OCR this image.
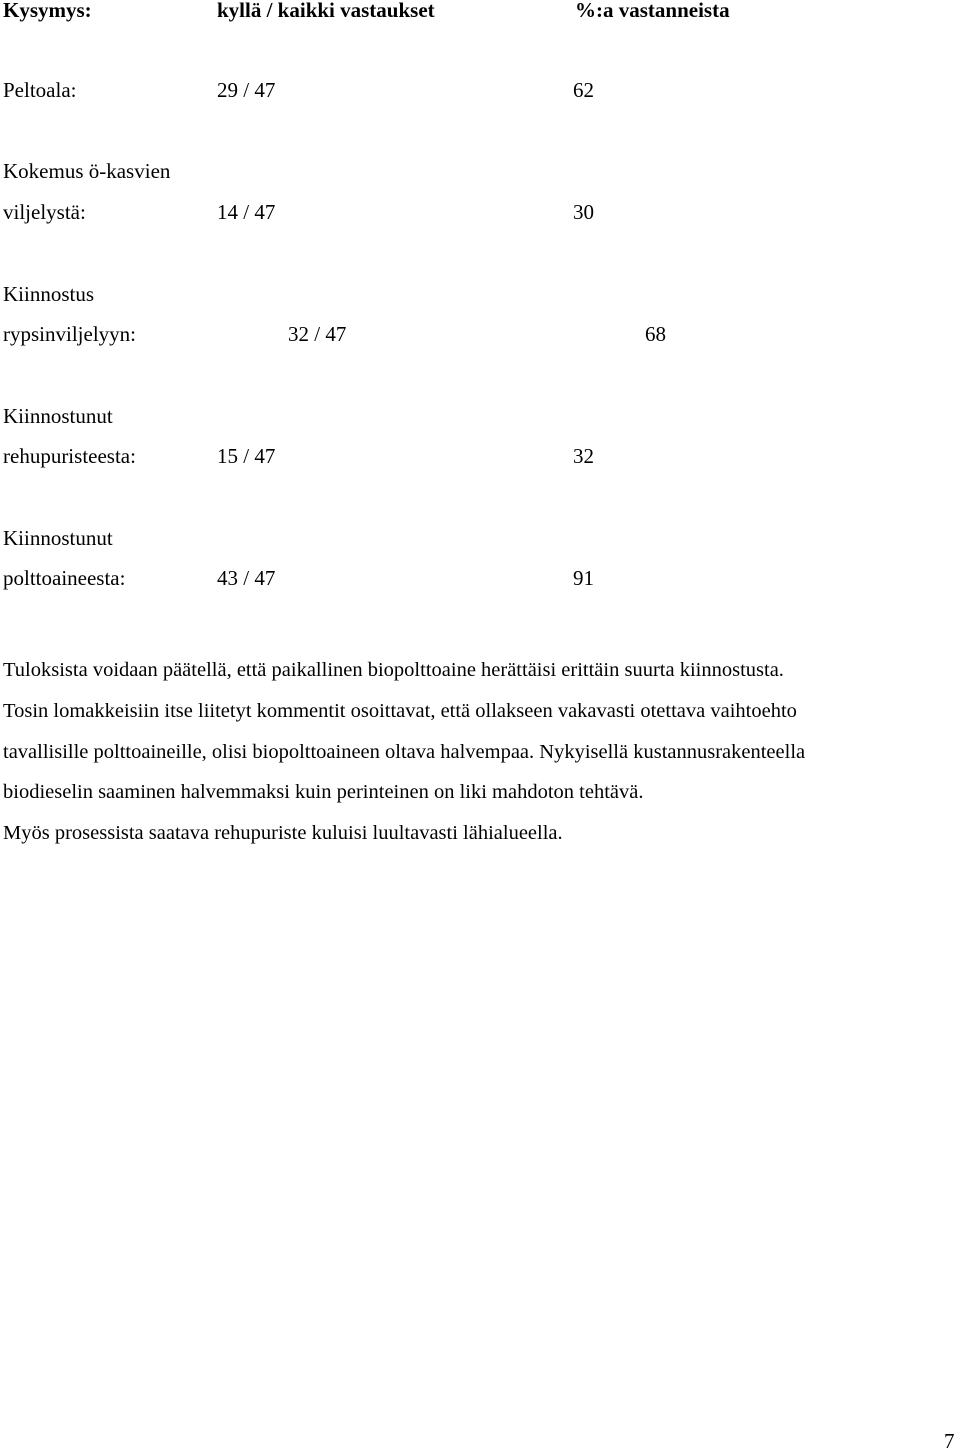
Kysymys:	kyllä / kaikki vastaukset	%:a vastanneista
Peltoala:	29 / 47	62
Kokemus ö-kasvien
viljelystä:	14 / 47	30
Kiinnostus
rypsinviljelyyn:	32 / 47	68
Kiinnostunut
rehupuristeesta:	15 / 47	32
Kiinnostunut
polttoaineesta:	43 / 47	91
Tuloksista voidaan päätellä, että paikallinen biopolttoaine herättäisi erittäin suurta kiinnostusta.
Tosin lomakkeisiin itse liitetyt kommentit osoittavat, että ollakseen vakavasti otettava vaihtoehto
tavallisille polttoaineille, olisi biopolttoaineen oltava halvempaa. Nykyisellä kustannusrakenteella
biodieselin saaminen halvemmaksi kuin perinteinen on liki mahdoton tehtävä.
Myös prosessista saatava rehupuriste kuluisi luultavasti lähialueella.
7
